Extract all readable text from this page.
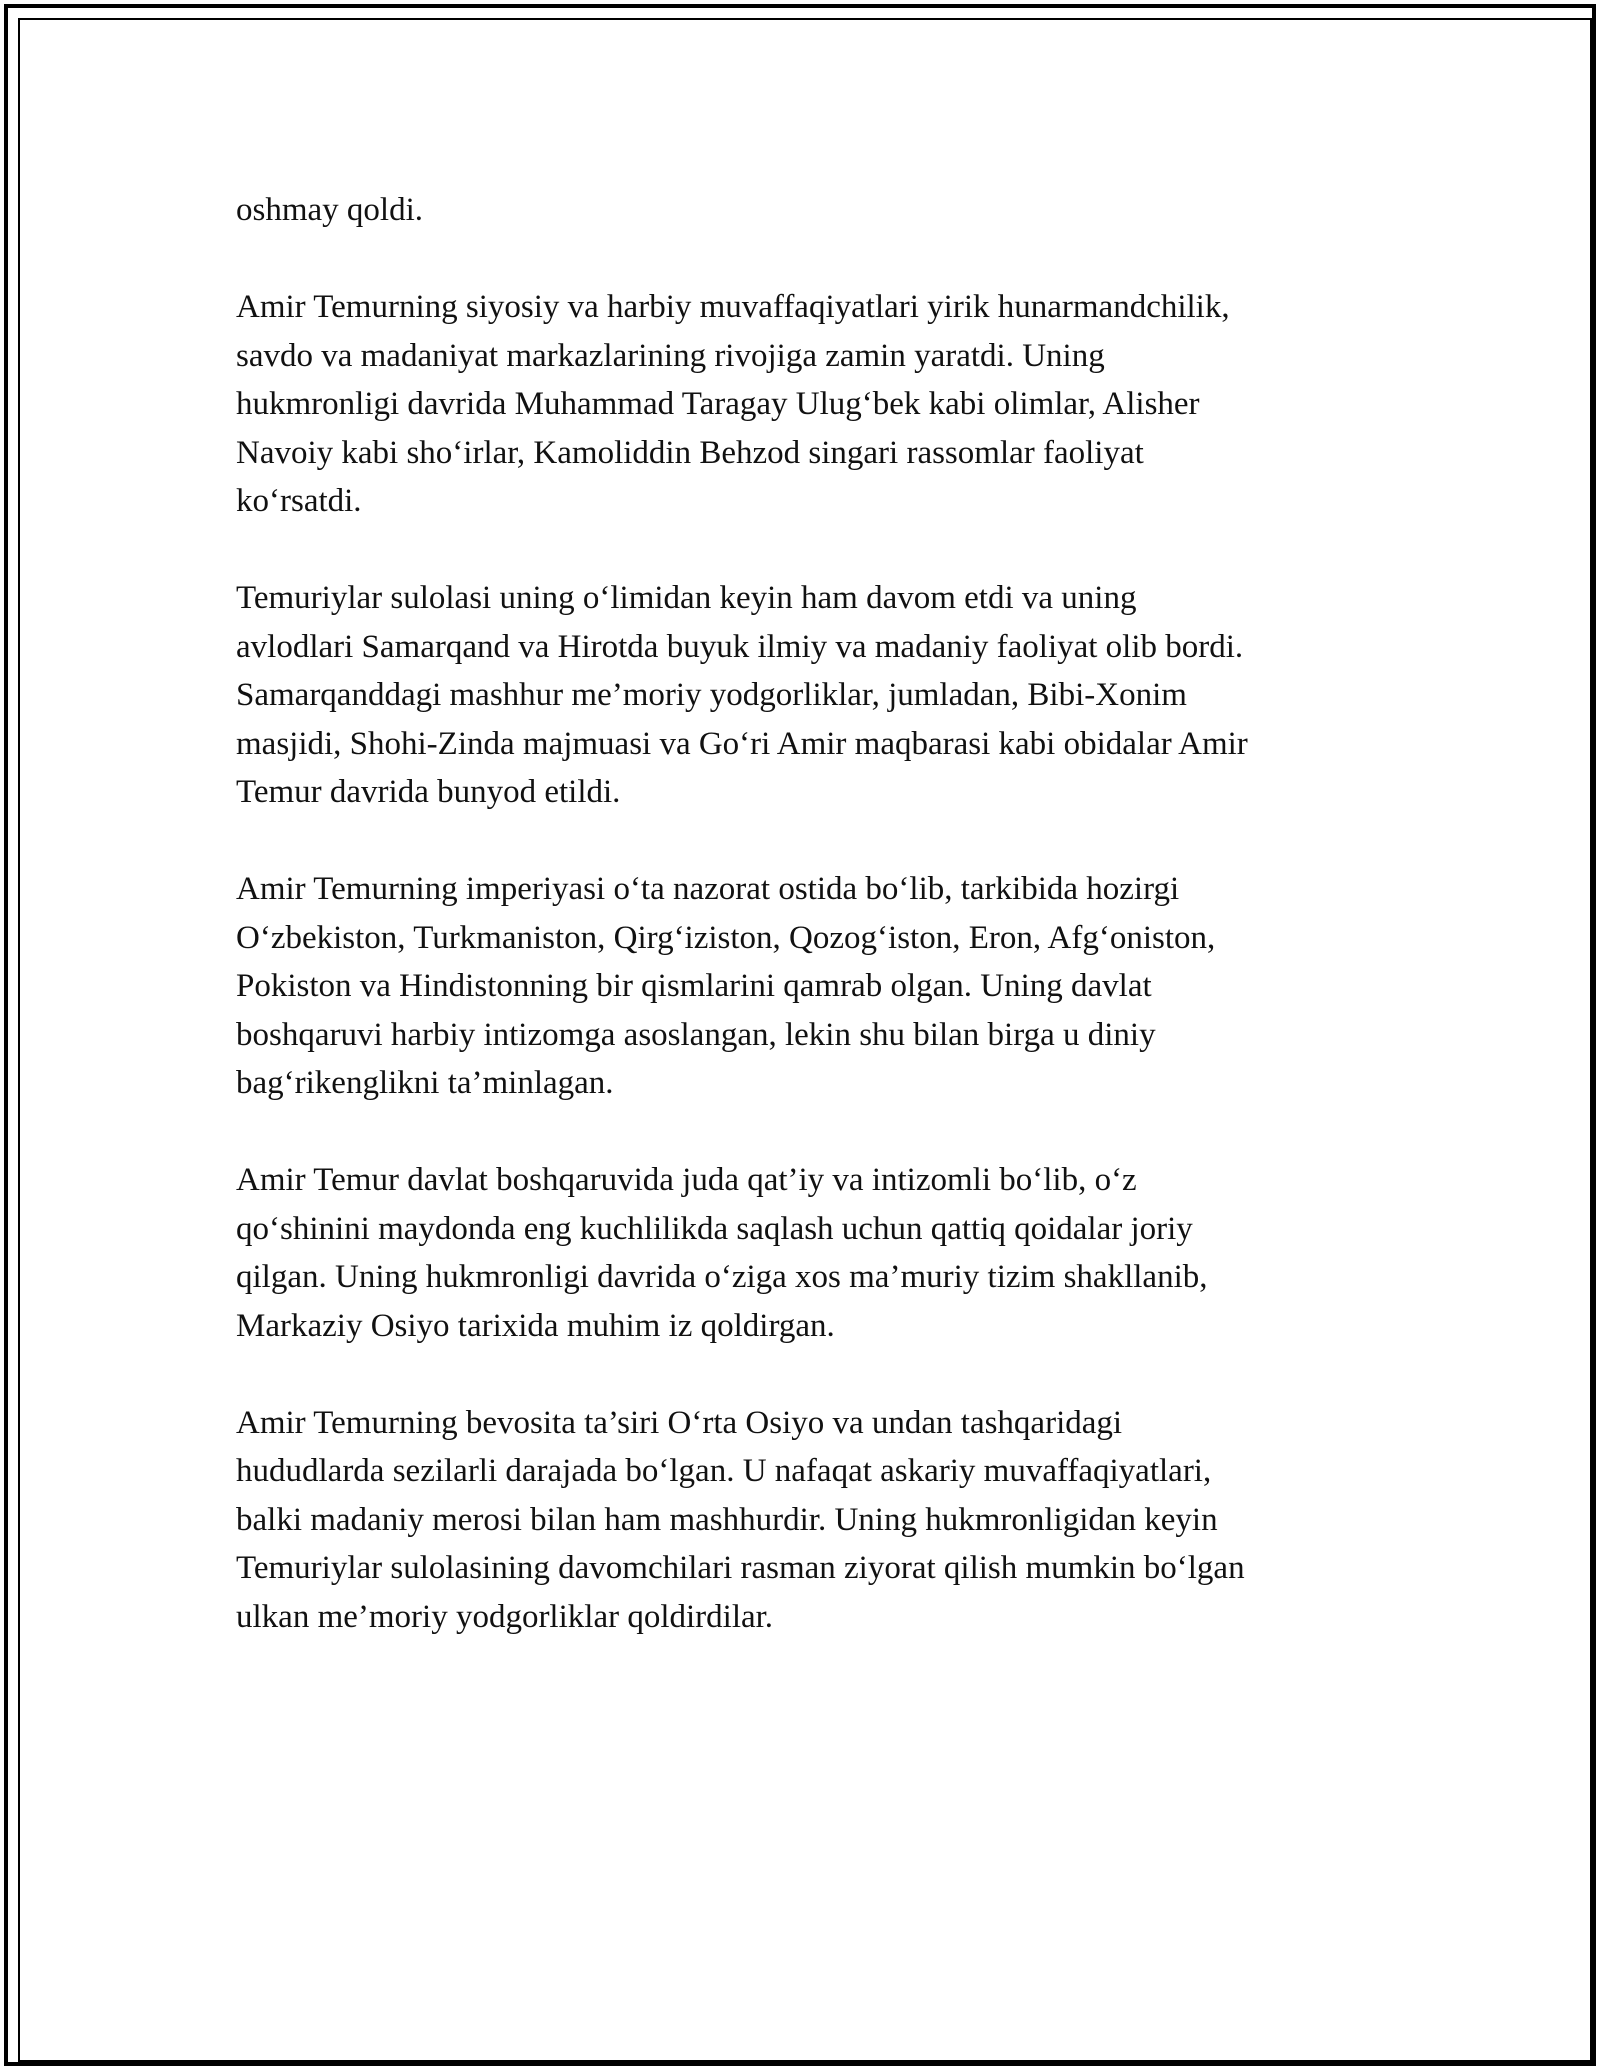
oshmay qoldi.

Amir Temurning siyosiy va harbiy muvaffaqiyatlari yirik hunarmandchilik,
savdo va madaniyat markazlarining rivojiga zamin yaratdi. Uning
hukmronligi davrida Muhammad Taragay Ulug‘bek kabi olimlar, Alisher
Navoiy kabi sho‘irlar, Kamoliddin Behzod singari rassomlar faoliyat
ko‘rsatdi.

Temuriylar sulolasi uning o‘limidan keyin ham davom etdi va uning
avlodlari Samarqand va Hirotda buyuk ilmiy va madaniy faoliyat olib bordi.
Samarqanddagi mashhur me’moriy yodgorliklar, jumladan, Bibi-Xonim
masjidi, Shohi-Zinda majmuasi va Go‘ri Amir maqbarasi kabi obidalar Amir
Temur davrida bunyod etildi.

Amir Temurning imperiyasi o‘ta nazorat ostida bo‘lib, tarkibida hozirgi
O‘zbekiston, Turkmaniston, Qirg‘iziston, Qozog‘iston, Eron, Afg‘oniston,
Pokiston va Hindistonning bir qismlarini qamrab olgan. Uning davlat
boshqaruvi harbiy intizomga asoslangan, lekin shu bilan birga u diniy
bag‘rikenglikni ta’minlagan.

Amir Temur davlat boshqaruvida juda qat’iy va intizomli bo‘lib, o‘z
qo‘shinini maydonda eng kuchlilikda saqlash uchun qattiq qoidalar joriy
qilgan. Uning hukmronligi davrida o‘ziga xos ma’muriy tizim shakllanib,
Markaziy Osiyo tarixida muhim iz qoldirgan.

Amir Temurning bevosita ta’siri O‘rta Osiyo va undan tashqaridagi
hududlarda sezilarli darajada bo‘lgan. U nafaqat askariy muvaffaqiyatlari,
balki madaniy merosi bilan ham mashhurdir. Uning hukmronligidan keyin
Temuriylar sulolasining davomchilari rasman ziyorat qilish mumkin bo‘lgan
ulkan me’moriy yodgorliklar qoldirdilar.
